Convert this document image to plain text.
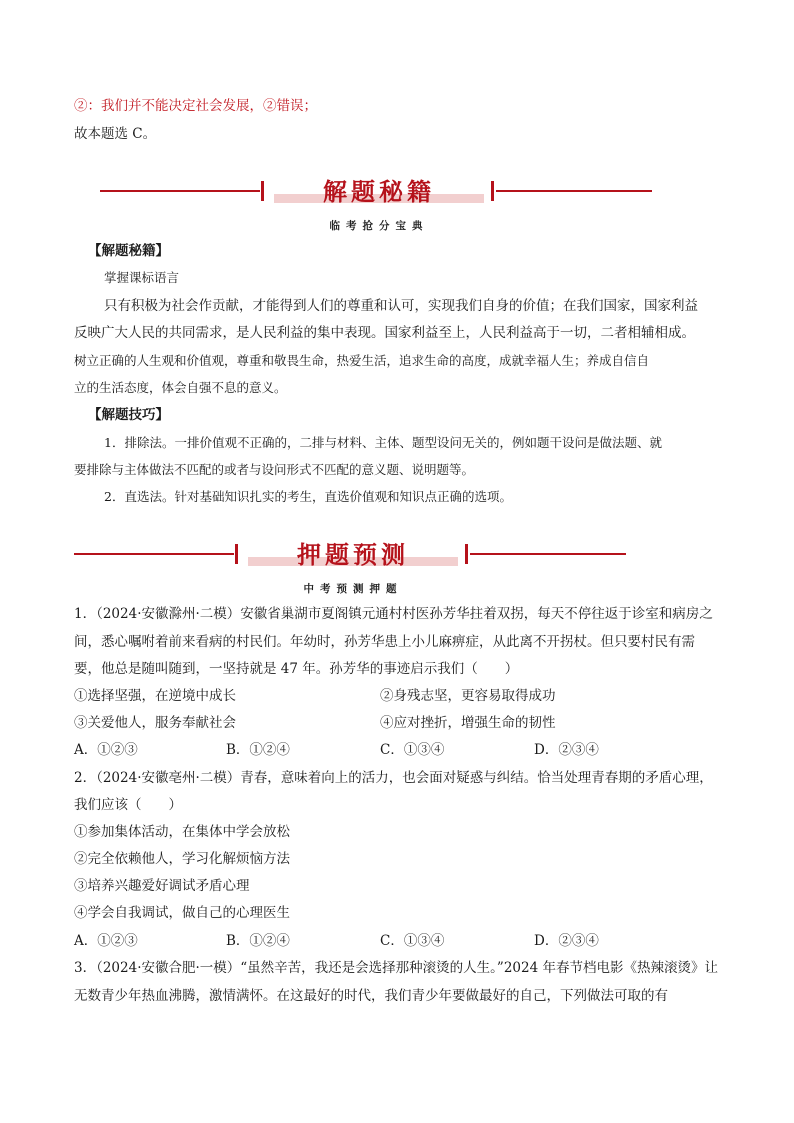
②：我们并不能决定社会发展，②错误；
故本题选 C。
解题秘籍
临考抢分宝典
【解题秘籍】
掌握课标语言
只有积极为社会作贡献，才能得到人们的尊重和认可，实现我们自身的价值；在我们国家，国家利益
反映广大人民的共同需求，是人民利益的集中表现。国家利益至上，人民利益高于一切，二者相辅相成。
树立正确的人生观和价值观，尊重和敬畏生命，热爱生活，追求生命的高度，成就幸福人生；养成自信自
立的生活态度，体会自强不息的意义。
【解题技巧】
1．排除法。一排价值观不正确的，二排与材料、主体、题型设问无关的，例如题干设问是做法题、就
要排除与主体做法不匹配的或者与设问形式不匹配的意义题、说明题等。
2．直选法。针对基础知识扎实的考生，直选价值观和知识点正确的选项。
押题预测
中考预测押题
1．（2024·安徽滁州·二模）安徽省巢湖市夏阁镇元通村村医孙芳华拄着双拐，每天不停往返于诊室和病房之
间，悉心嘱咐着前来看病的村民们。年幼时，孙芳华患上小儿麻痹症，从此离不开拐杖。但只要村民有需
要，他总是随叫随到，一坚持就是 47 年。孙芳华的事迹启示我们（　　）
①选择坚强，在逆境中成长	②身残志坚，更容易取得成功
③关爱他人，服务奉献社会	④应对挫折，增强生命的韧性
A．①②③	B．①②④	C．①③④	D．②③④
2．（2024·安徽亳州·二模）青春，意味着向上的活力，也会面对疑惑与纠结。恰当处理青春期的矛盾心理，
我们应该（　　）
①参加集体活动，在集体中学会放松
②完全依赖他人，学习化解烦恼方法
③培养兴趣爱好调试矛盾心理
④学会自我调试，做自己的心理医生
A．①②③	B．①②④	C．①③④	D．②③④
3．（2024·安徽合肥·一模）“虽然辛苦，我还是会选择那种滚烫的人生。”2024 年春节档电影《热辣滚烫》让
无数青少年热血沸腾，激情满怀。在这最好的时代，我们青少年要做最好的自己，下列做法可取的有
